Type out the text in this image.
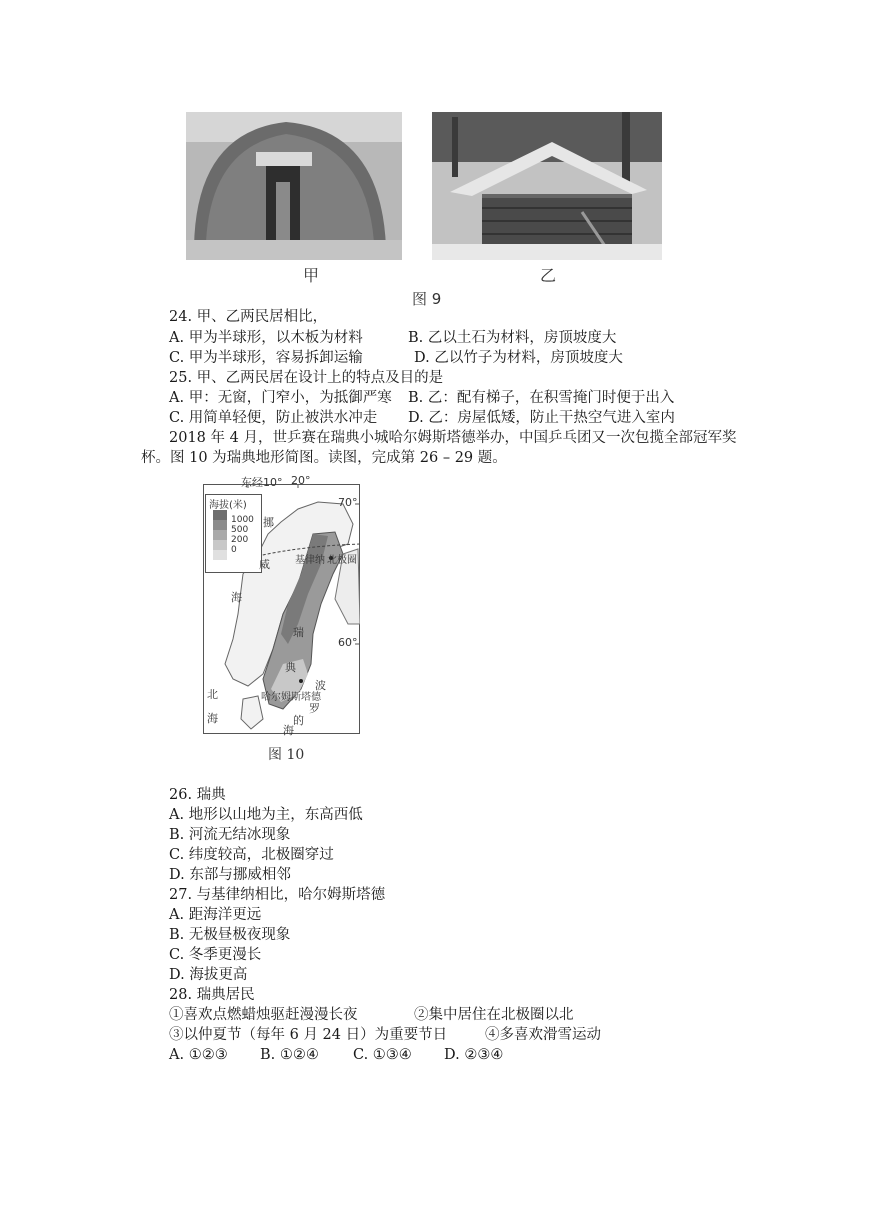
甲	乙
图 9
24. 甲、乙两民居相比，
A. 甲为半球形，以木板为材料	B. 乙以土石为材料，房顶坡度大
C. 甲为半球形，容易拆卸运输	D. 乙以竹子为材料，房顶坡度大
25. 甲、乙两民居在设计上的特点及目的是
A. 甲：无窗，门窄小，为抵御严寒 B. 乙：配有梯子，在积雪掩门时便于出入
C. 用简单轻便，防止被洪水冲走 D. 乙：房屋低矮，防止干热空气进入室内
2018 年 4 月，世乒赛在瑞典小城哈尔姆斯塔德举办，中国乒乓团又一次包揽全部冠军奖
杯。图 10 为瑞典地形简图。读图，完成第 26 – 29 题。
东经10° 20°
70°
60°
海拔(米)
1000
500
200
0
挪
威
海
基律纳 北极圈
瑞
典
北
海
哈尔姆斯塔德
波
罗
的
海
图 10
26. 瑞典
A. 地形以山地为主，东高西低
B. 河流无结冰现象
C. 纬度较高，北极圈穿过
D. 东部与挪威相邻
27. 与基律纳相比，哈尔姆斯塔德
A. 距海洋更远
B. 无极昼极夜现象
C. 冬季更漫长
D. 海拔更高
28. 瑞典居民
①喜欢点燃蜡烛驱赶漫漫长夜	②集中居住在北极圈以北
③以仲夏节（每年 6 月 24 日）为重要节日	④多喜欢滑雪运动
A. ①②③ B. ①②④ C. ①③④ D. ②③④
